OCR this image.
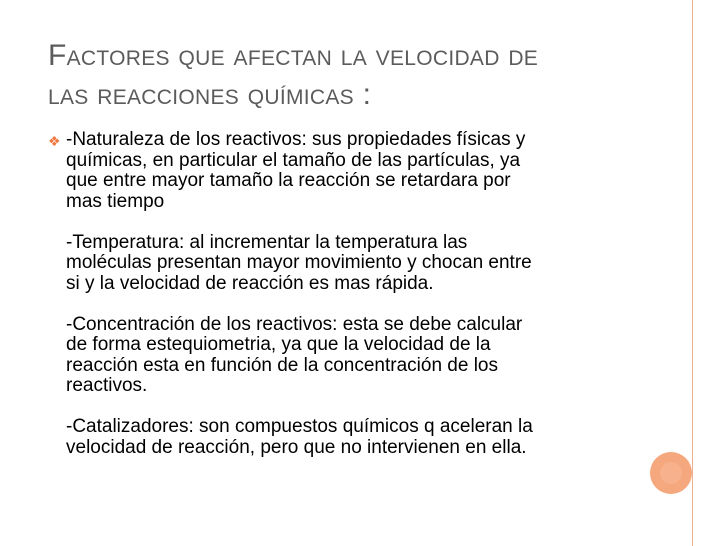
Factores que afectan la velocidad de
las reacciones químicas :
❖ -Naturaleza de los reactivos: sus propiedades físicas y
químicas, en particular el tamaño de las partículas, ya
que entre mayor tamaño la reacción se retardara por
mas tiempo

-Temperatura: al incrementar la temperatura las
moléculas presentan mayor movimiento y chocan entre
si y la velocidad de reacción es mas rápida.

-Concentración de los reactivos: esta se debe calcular
de forma estequiometria, ya que la velocidad de la
reacción esta en función de la concentración de los
reactivos.

-Catalizadores: son compuestos químicos q aceleran la
velocidad de reacción, pero que no intervienen en ella.
